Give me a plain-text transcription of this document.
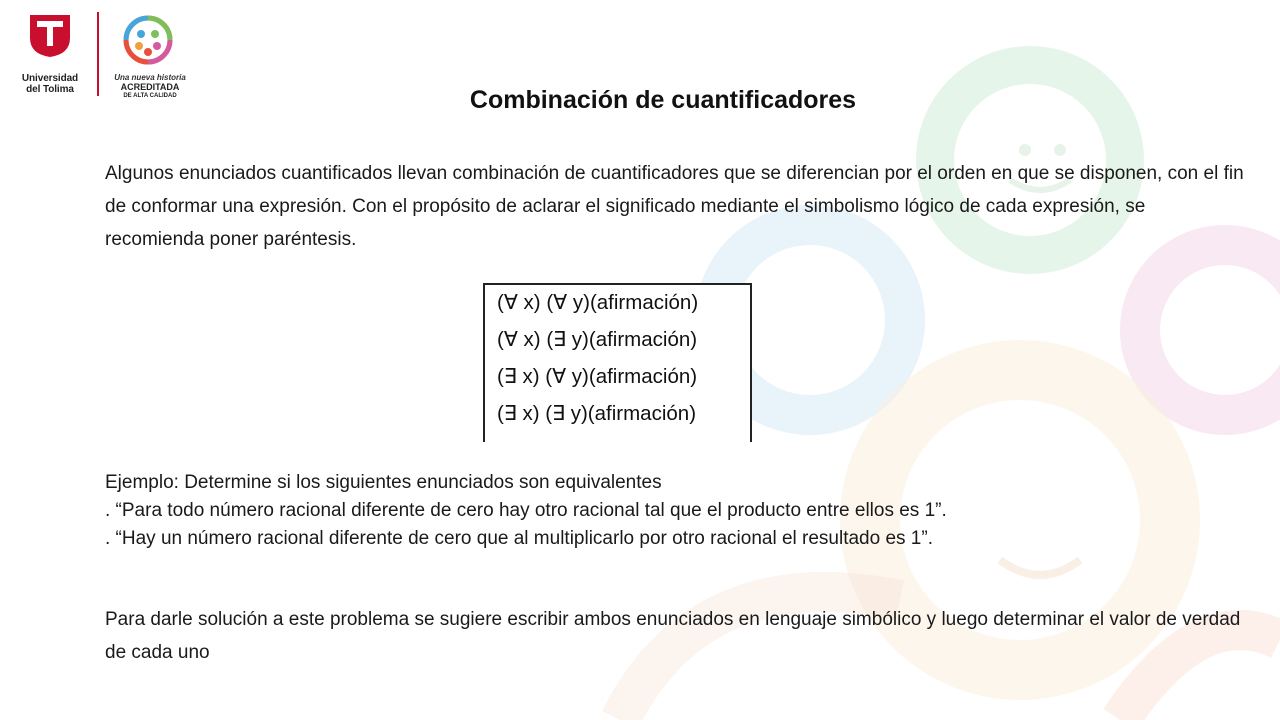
Universidad
del Tolima
Una nueva historia
ACREDITADA
DE ALTA CALIDAD	Combinación de cuantificadores
Algunos enunciados cuantificados llevan combinación de cuantificadores que se diferencian por el orden en que se disponen, con el fin de conformar una expresión. Con el propósito de aclarar el significado mediante el simbolismo lógico de cada expresión, se recomienda poner paréntesis.
(∀ x) (∀ y)(afirmación)
(∀ x) (∃ y)(afirmación)
(∃ x) (∀ y)(afirmación)
(∃ x) (∃ y)(afirmación)
Ejemplo: Determine si los siguientes enunciados son equivalentes
. “Para todo número racional diferente de cero hay otro racional tal que el producto entre ellos es 1”.
. “Hay un número racional diferente de cero que al multiplicarlo por otro racional el resultado es 1”.
Para darle solución a este problema se sugiere escribir ambos enunciados en lenguaje simbólico y luego determinar el valor de verdad de cada uno
